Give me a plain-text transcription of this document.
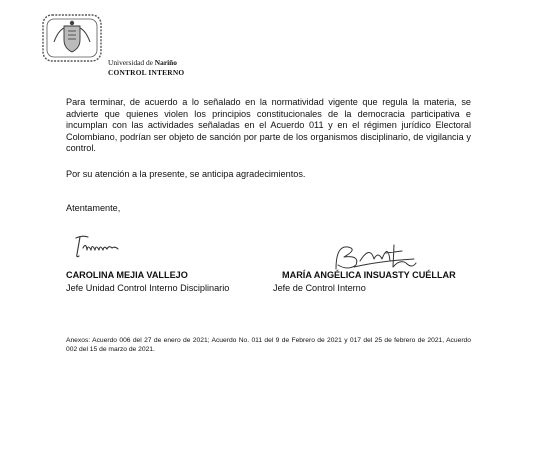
Universidad de Nariño
CONTROL INTERNO

Para terminar, de acuerdo a lo señalado en la normatividad vigente que regula la materia, se advierte que quienes violen los principios constitucionales de la democracia participativa e incumplan con las actividades señaladas en el Acuerdo 011 y en el régimen jurídico Electoral Colombiano, podrían ser objeto de sanción por parte de los organismos disciplinario, de vigilancia y control.

Por su atención a la presente, se anticipa agradecimientos.

Atentamente,
CAROLINA MEJIA VALLEJO
Jefe Unidad Control Interno Disciplinario
MARÍA ANGÉLICA INSUASTY CUÉLLAR
Jefe de Control Interno

Anexos: Acuerdo 006 del 27 de enero de 2021; Acuerdo No. 011 del 9 de Febrero de 2021 y 017 del 25 de febrero de 2021, Acuerdo 002 del 15 de marzo de 2021.
